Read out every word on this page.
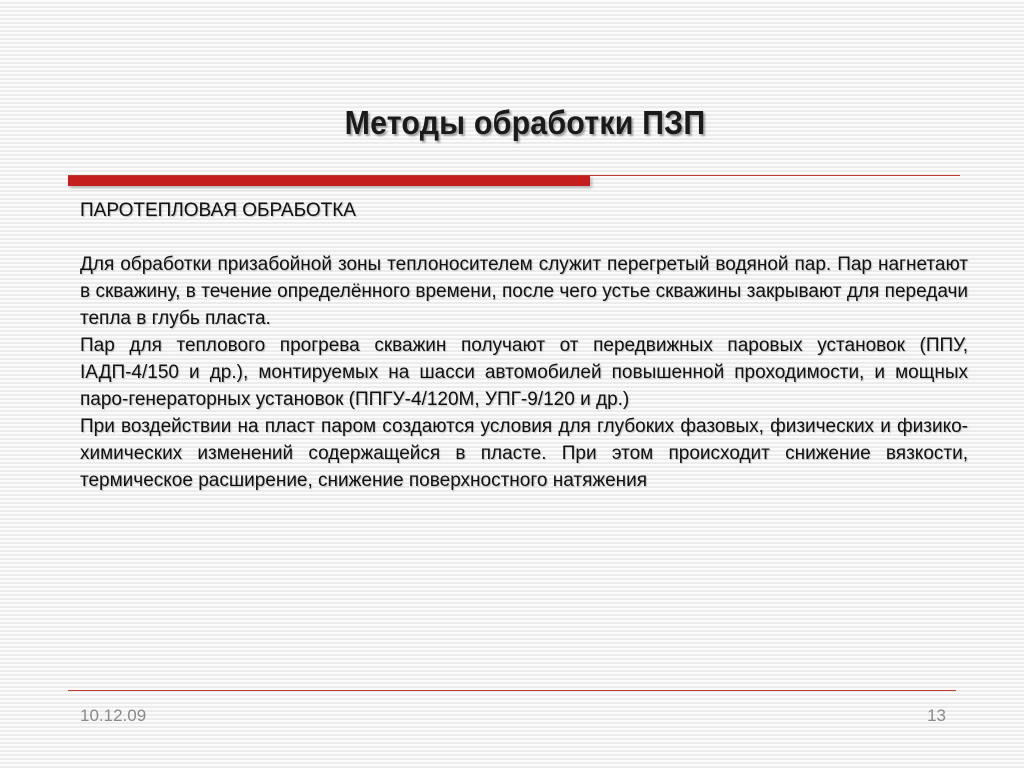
Методы обработки ПЗП
ПАРОТЕПЛОВАЯ ОБРАБОТКА

Для обработки призабойной зоны теплоносителем служит перегретый водяной пар. Пар нагнетают в скважину, в течение определённого времени, после чего устье скважины закрывают для передачи тепла в глубь пласта.

Пар для теплового прогрева скважин получают от передвижных паровых установок (ППУ, ІАДП-4/150 и др.), монтируемых на шасси автомобилей повышенной проходимости, и мощных паро-генераторных установок (ППГУ-4/120М, УПГ-9/120 и др.)

При воздействии на пласт паром создаются условия для глубоких фазовых, физических и физико-химических изменений содержащейся в пласте. При этом происходит снижение вязкости, термическое расширение, снижение поверхностного натяжения

10.12.09	13
